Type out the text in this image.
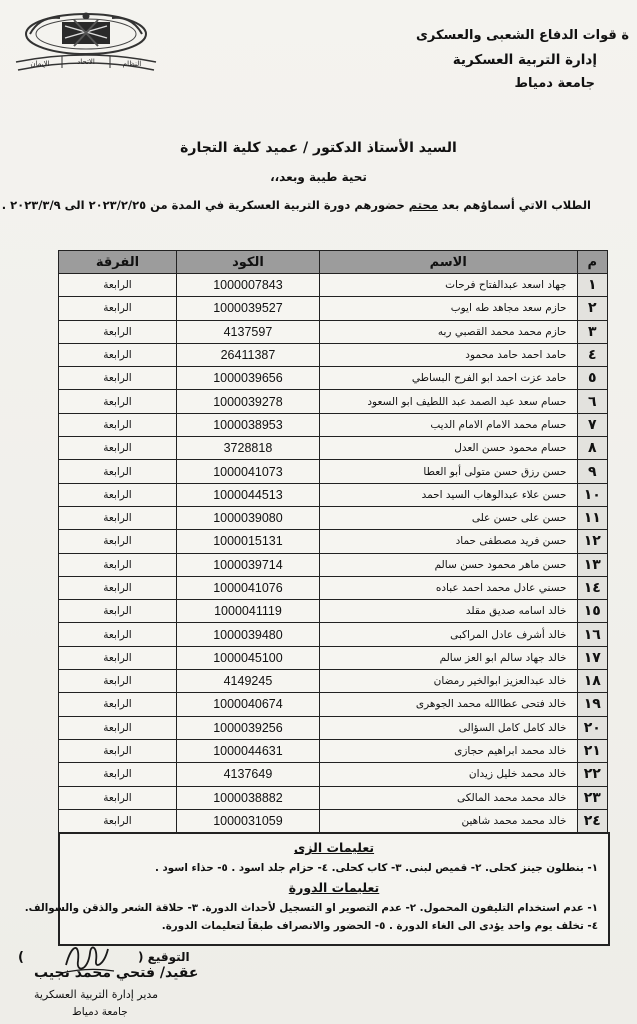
الإيمان	الاتحاد	النظام
ة قوات الدفاع الشعبى والعسكرى
إدارة التربية العسكرية
جامعة دمياط
السيد الأستاذ الدكتور / عميد كلية التجارة
تحية طيبة وبعد،،
الطلاب الاتي أسماؤهم بعد محتم حضورهم دورة التربية العسكرية في المدة من ٢٠٢٣/٢/٢٥ الى ٢٠٢٣/٣/٩ .
م	الاسم	الكود	الفرقة
١	جهاد اسعد عبدالفتاح فرحات	1000007843	الرابعة
٢	حازم سعد مجاهد طه ايوب	1000039527	الرابعة
٣	حازم محمد محمد القصبي ربه	4137597	الرابعة
٤	حامد احمد حامد محمود	26411387	الرابعة
٥	حامد عزت احمد ابو الفرح البساطي	1000039656	الرابعة
٦	حسام سعد عبد الصمد عبد اللطيف ابو السعود	1000039278	الرابعة
٧	حسام محمد الامام الامام الديب	1000038953	الرابعة
٨	حسام محمود حسن العدل	3728818	الرابعة
٩	حسن رزق حسن متولى أبو العطا	1000041073	الرابعة
١٠	حسن علاء عبدالوهاب السيد احمد	1000044513	الرابعة
١١	حسن على حسن على	1000039080	الرابعة
١٢	حسن فريد مصطفى حماد	1000015131	الرابعة
١٣	حسن ماهر محمود حسن سالم	1000039714	الرابعة
١٤	حسني عادل محمد احمد عباده	1000041076	الرابعة
١٥	خالد اسامه صديق مقلد	1000041119	الرابعة
١٦	خالد أشرف عادل المراكبى	1000039480	الرابعة
١٧	خالد جهاد سالم ابو العز سالم	1000045100	الرابعة
١٨	خالد عبدالعزيز ابوالخير رمضان	4149245	الرابعة
١٩	خالد فتحى عطاالله محمد الجوهرى	1000040674	الرابعة
٢٠	خالد كامل كامل السؤالى	1000039256	الرابعة
٢١	خالد محمد ابراهيم حجازى	1000044631	الرابعة
٢٢	خالد محمد خليل زيدان	4137649	الرابعة
٢٣	خالد محمد محمد المالكى	1000038882	الرابعة
٢٤	خالد محمد محمد شاهين	1000031059	الرابعة

تعليمات الزى
١- بنطلون جينز كحلى. ٢- قميص لبنى. ٣- كاب كحلى. ٤- حزام جلد اسود . ٥- حذاء اسود .
تعليمات الدورة
١- عدم استخدام التليفون المحمول. ٢- عدم التصوير او التسجيل لأحداث الدورة. ٣- حلاقة الشعر والذقن والسوالف.
٤- تخلف يوم واحد يؤدى الى الغاء الدورة . ٥- الحضور والانصراف طبقاً لتعليمات الدورة.
)	التوقيع (
عقيد/ فتحي محمد نجيب
مدير إدارة التربية العسكرية
جامعة دمياط
